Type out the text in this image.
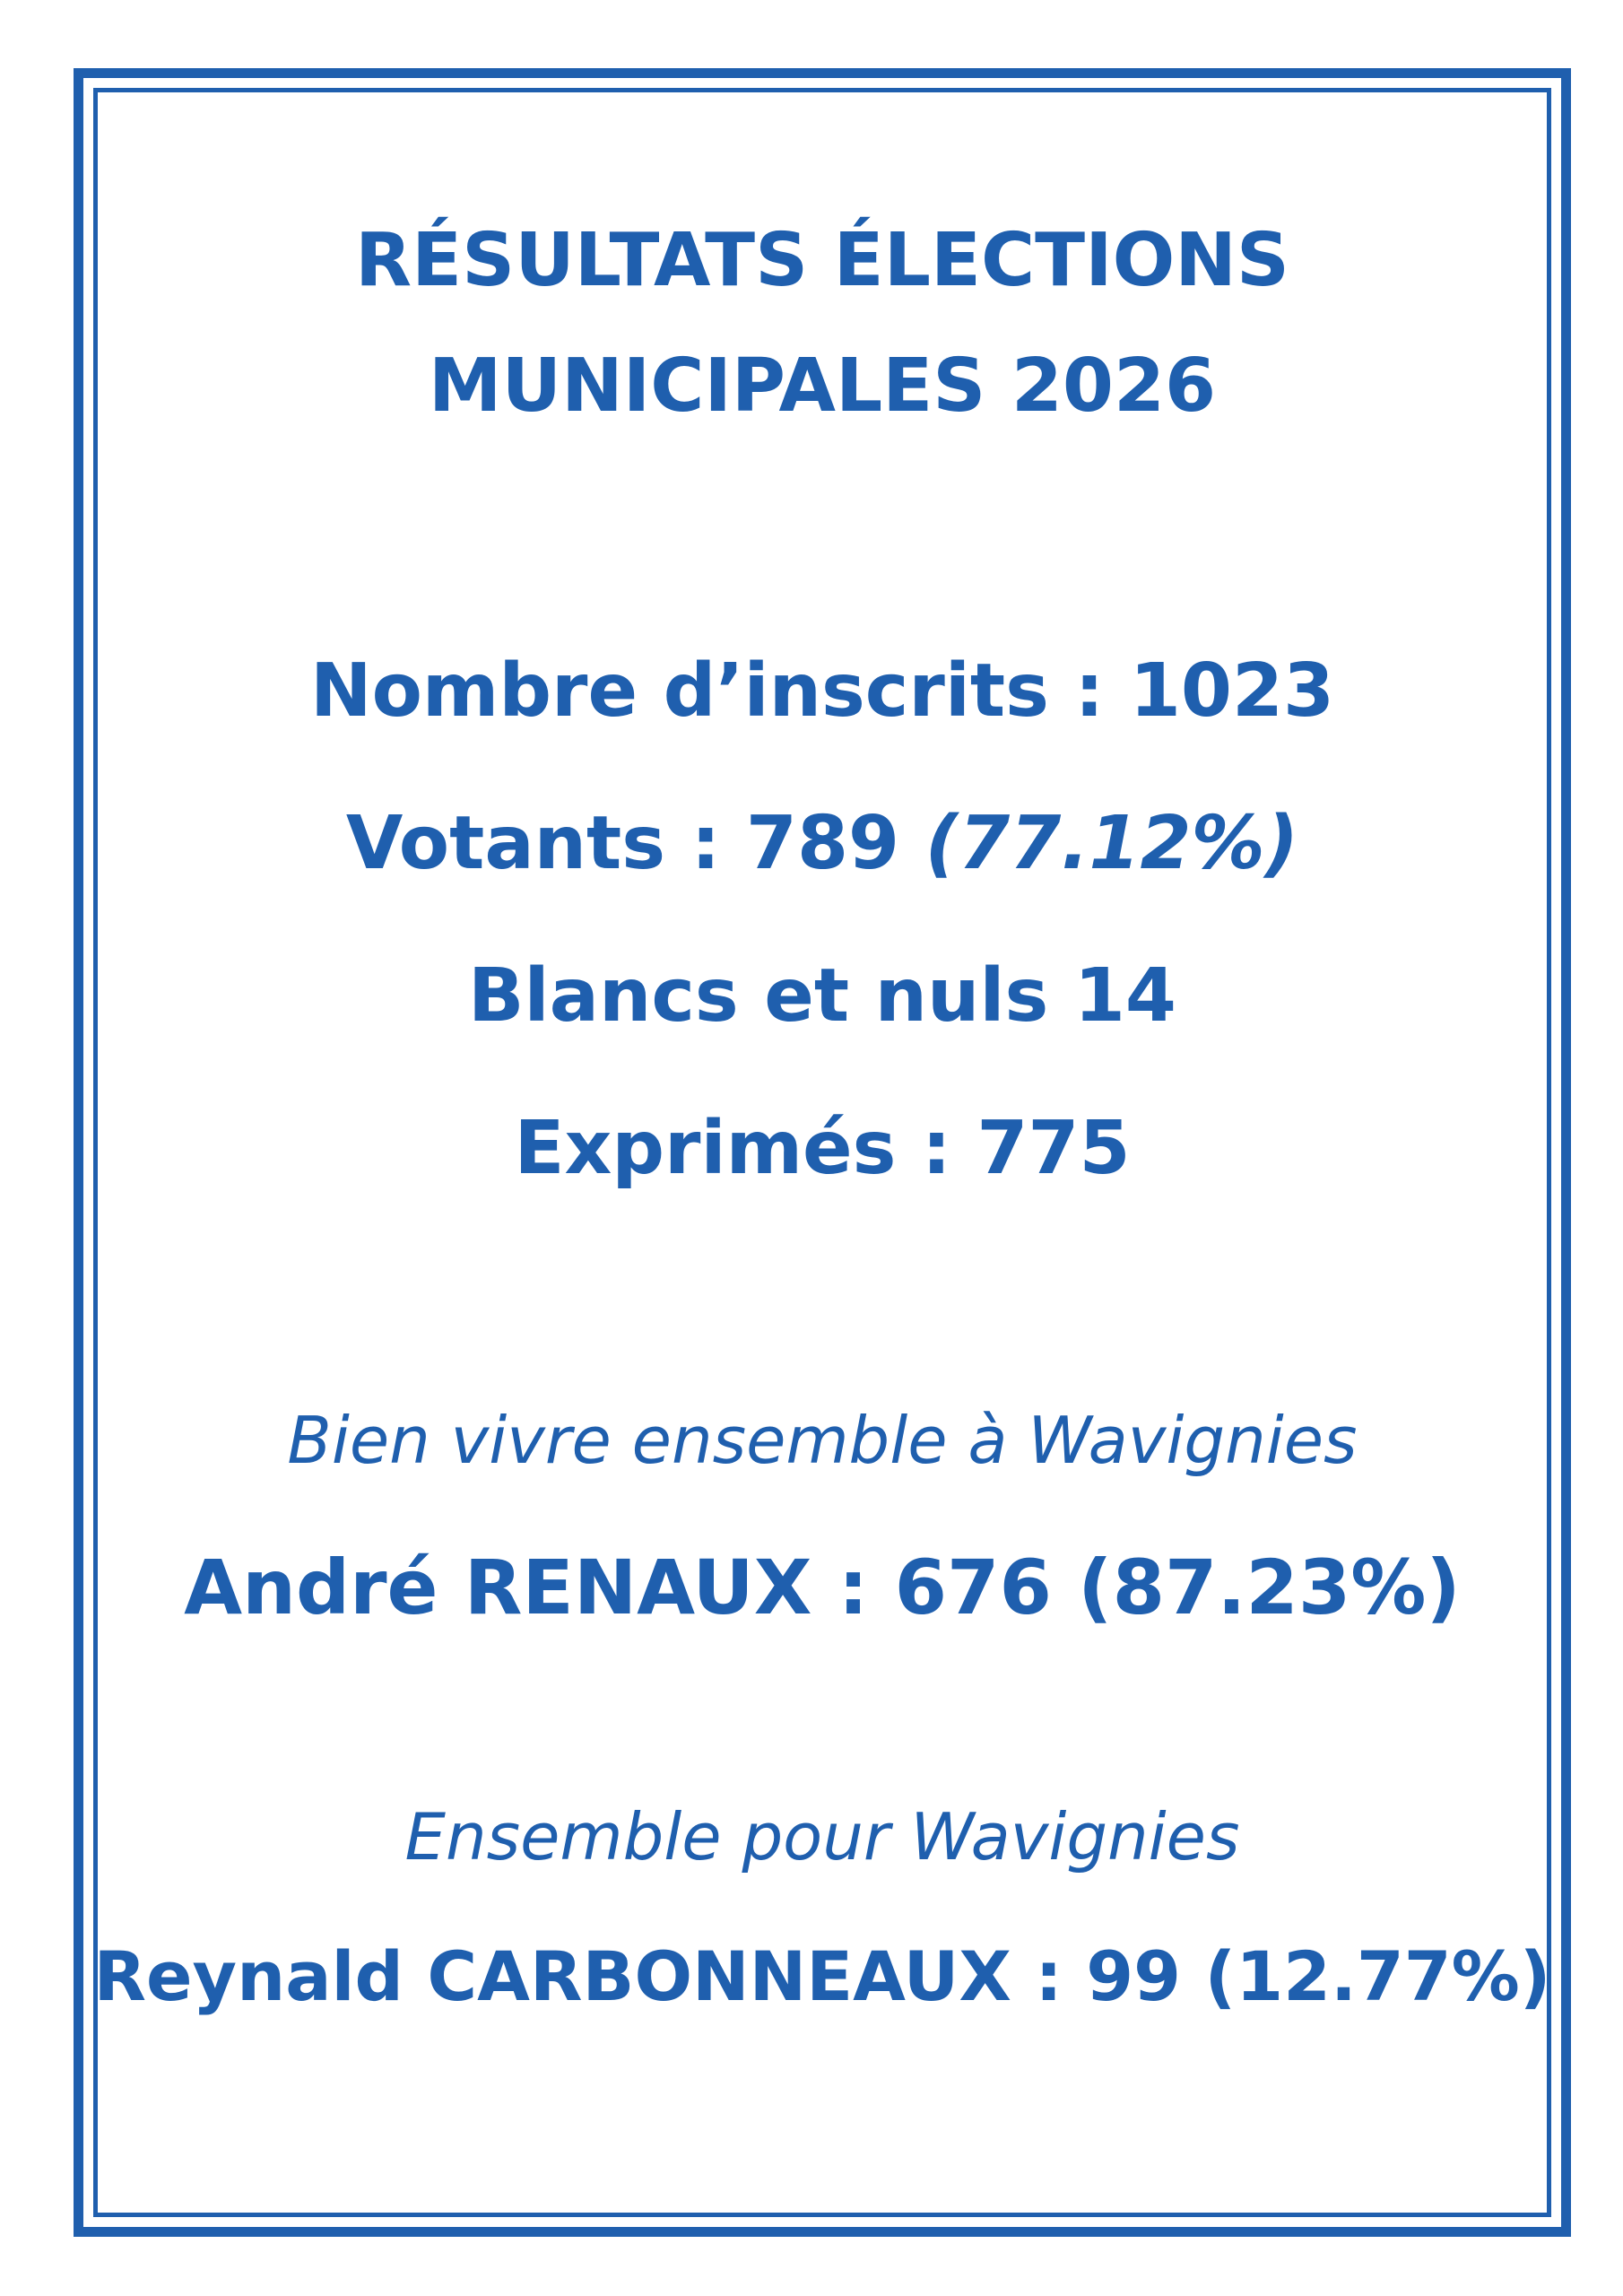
RÉSULTATS ÉLECTIONS
MUNICIPALES 2026
Nombre d’inscrits : 1023
Votants : 789 (77.12%)
Blancs et nuls 14
Exprimés : 775
Bien vivre ensemble à Wavignies
André RENAUX : 676 (87.23%)
Ensemble pour Wavignies
Reynald CARBONNEAUX : 99 (12.77%)
